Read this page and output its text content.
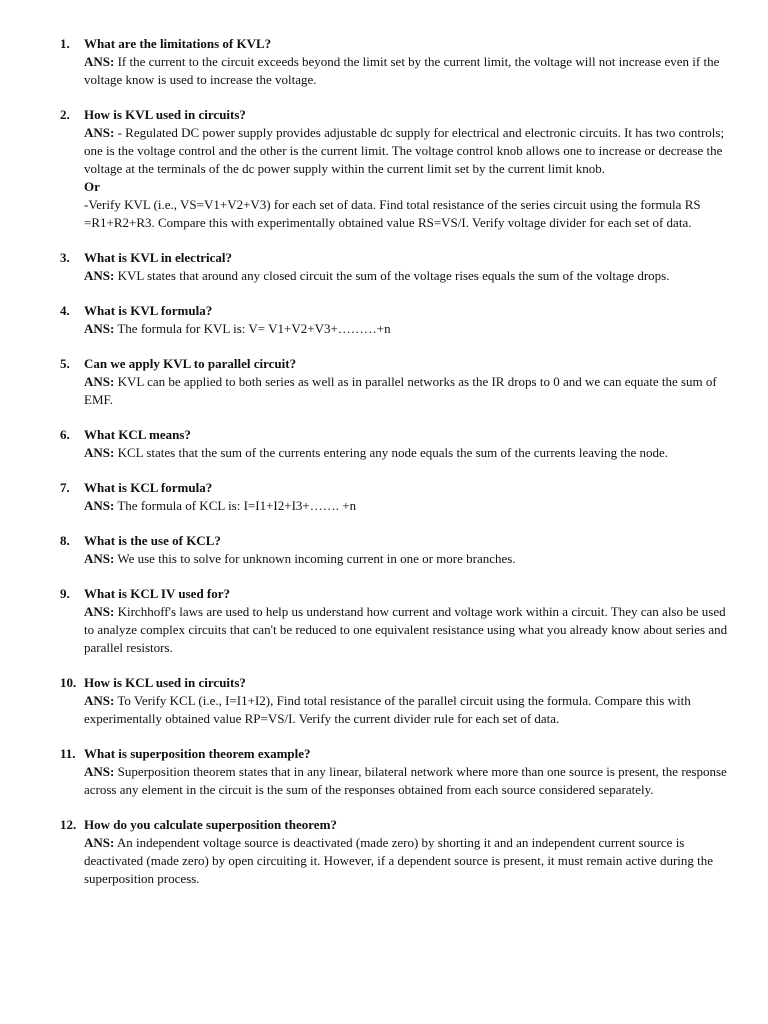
1. What are the limitations of KVL?
ANS: If the current to the circuit exceeds beyond the limit set by the current limit, the voltage will not increase even if the voltage know is used to increase the voltage.
2. How is KVL used in circuits?
ANS: - Regulated DC power supply provides adjustable dc supply for electrical and electronic circuits. It has two controls; one is the voltage control and the other is the current limit. The voltage control knob allows one to increase or decrease the voltage at the terminals of the dc power supply within the current limit set by the current limit knob.
Or
-Verify KVL (i.e., VS=V1+V2+V3) for each set of data. Find total resistance of the series circuit using the formula RS =R1+R2+R3. Compare this with experimentally obtained value RS=VS/I. Verify voltage divider for each set of data.
3. What is KVL in electrical?
ANS: KVL states that around any closed circuit the sum of the voltage rises equals the sum of the voltage drops.
4. What is KVL formula?
ANS: The formula for KVL is: V= V1+V2+V3+………+n
5. Can we apply KVL to parallel circuit?
ANS: KVL can be applied to both series as well as in parallel networks as the IR drops to 0 and we can equate the sum of EMF.
6. What KCL means?
ANS: KCL states that the sum of the currents entering any node equals the sum of the currents leaving the node.
7. What is KCL formula?
ANS: The formula of KCL is: I=I1+I2+I3+……. +n
8. What is the use of KCL?
ANS: We use this to solve for unknown incoming current in one or more branches.
9. What is KCL IV used for?
ANS: Kirchhoff's laws are used to help us understand how current and voltage work within a circuit. They can also be used to analyze complex circuits that can't be reduced to one equivalent resistance using what you already know about series and parallel resistors.
10. How is KCL used in circuits?
ANS: To Verify KCL (i.e., I=I1+I2), Find total resistance of the parallel circuit using the formula. Compare this with experimentally obtained value RP=VS/I. Verify the current divider rule for each set of data.
11. What is superposition theorem example?
ANS: Superposition theorem states that in any linear, bilateral network where more than one source is present, the response across any element in the circuit is the sum of the responses obtained from each source considered separately.
12. How do you calculate superposition theorem?
ANS: An independent voltage source is deactivated (made zero) by shorting it and an independent current source is deactivated (made zero) by open circuiting it. However, if a dependent source is present, it must remain active during the superposition process.
